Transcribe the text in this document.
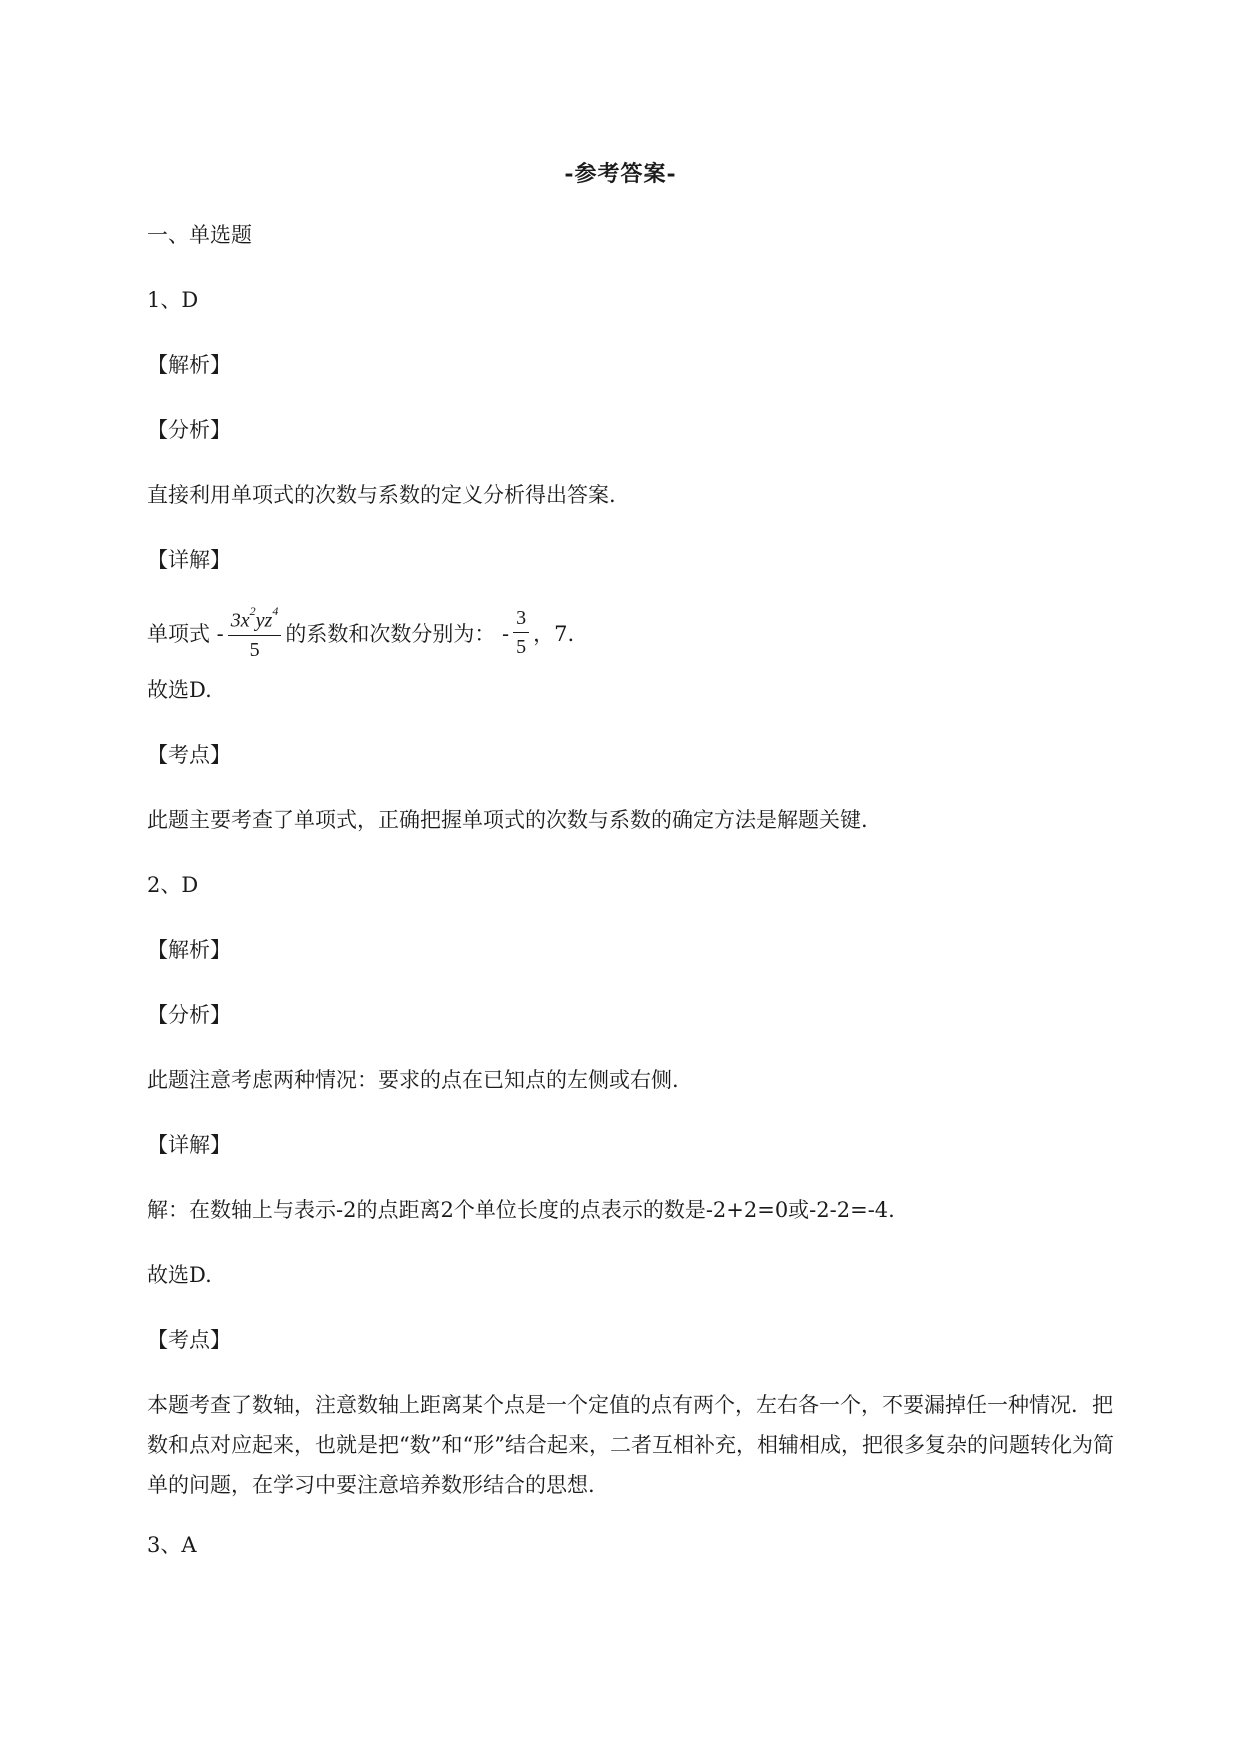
-参考答案-
一、单选题
1、D
【解析】
【分析】
直接利用单项式的次数与系数的定义分析得出答案.
【详解】
单项式 - $\frac{3x^2yz^4}{5}$ 的系数和次数分别为： - $\frac{3}{5}$ ，7.
故选D.
【考点】
此题主要考查了单项式，正确把握单项式的次数与系数的确定方法是解题关键.
2、D
【解析】
【分析】
此题注意考虑两种情况：要求的点在已知点的左侧或右侧.
【详解】
解：在数轴上与表示-2的点距离2个单位长度的点表示的数是-2+2=0或-2-2=-4.
故选D.
【考点】
本题考查了数轴，注意数轴上距离某个点是一个定值的点有两个，左右各一个，不要漏掉任一种情况．把数和点对应起来，也就是把“数”和“形”结合起来，二者互相补充，相辅相成，把很多复杂的问题转化为简单的问题，在学习中要注意培养数形结合的思想.
3、A
